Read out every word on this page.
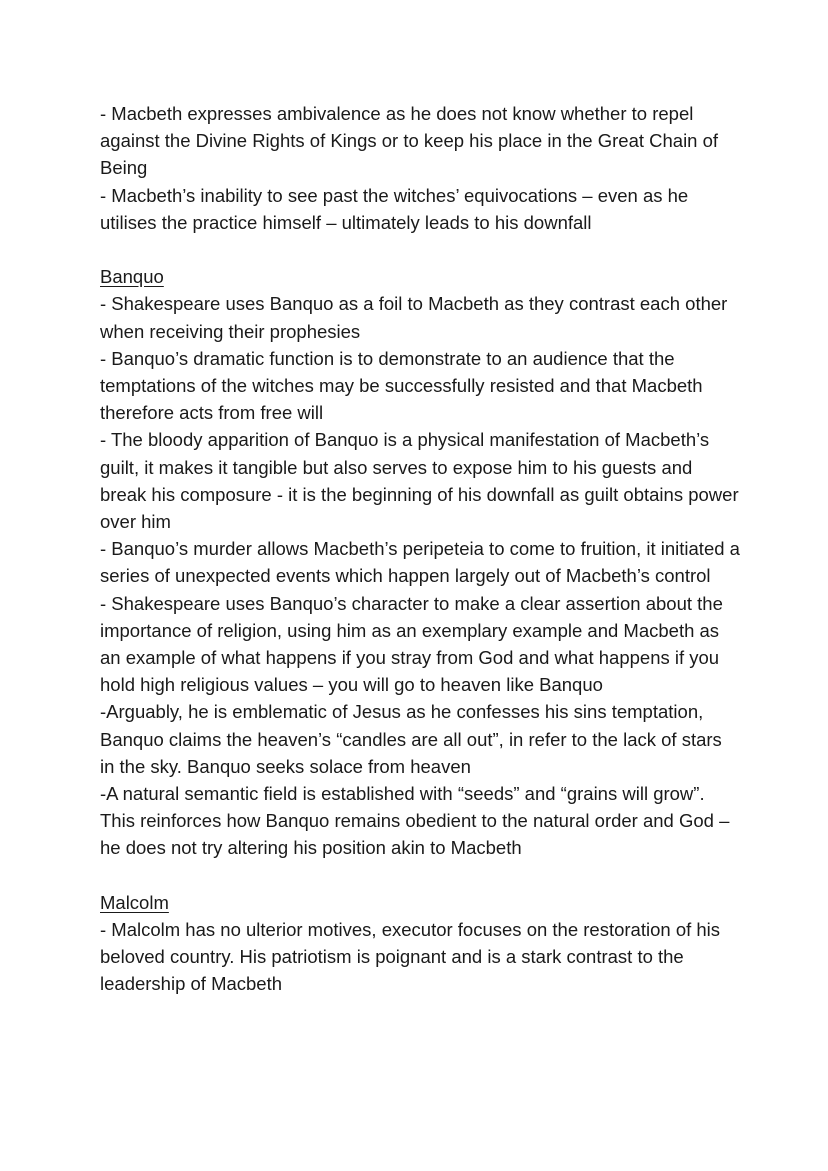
- Macbeth expresses ambivalence as he does not know whether to repel against the Divine Rights of Kings or to keep his place in the Great Chain of Being

- Macbeth’s inability to see past the witches’ equivocations – even as he utilises the practice himself – ultimately leads to his downfall

Banquo

- Shakespeare uses Banquo as a foil to Macbeth as they contrast each other when receiving their prophesies

- Banquo’s dramatic function is to demonstrate to an audience that the temptations of the witches may be successfully resisted and that Macbeth therefore acts from free will

- The bloody apparition of Banquo is a physical manifestation of Macbeth’s guilt, it makes it tangible but also serves to expose him to his guests and break his composure - it is the beginning of his downfall as guilt obtains power over him

- Banquo’s murder allows Macbeth’s peripeteia to come to fruition, it initiated a series of unexpected events which happen largely out of Macbeth’s control

- Shakespeare uses Banquo’s character to make a clear assertion about the importance of religion, using him as an exemplary example and Macbeth as an example of what happens if you stray from God and what happens if you hold high religious values – you will go to heaven like Banquo

-Arguably, he is emblematic of Jesus as he confesses his sins temptation, Banquo claims the heaven’s “candles are all out”, in refer to the lack of stars in the sky. Banquo seeks solace from heaven

-A natural semantic field is established with “seeds” and “grains will grow”. This reinforces how Banquo remains obedient to the natural order and God – he does not try altering his position akin to Macbeth

Malcolm

- Malcolm has no ulterior motives, executor focuses on the restoration of his beloved country. His patriotism is poignant and is a stark contrast to the leadership of Macbeth
